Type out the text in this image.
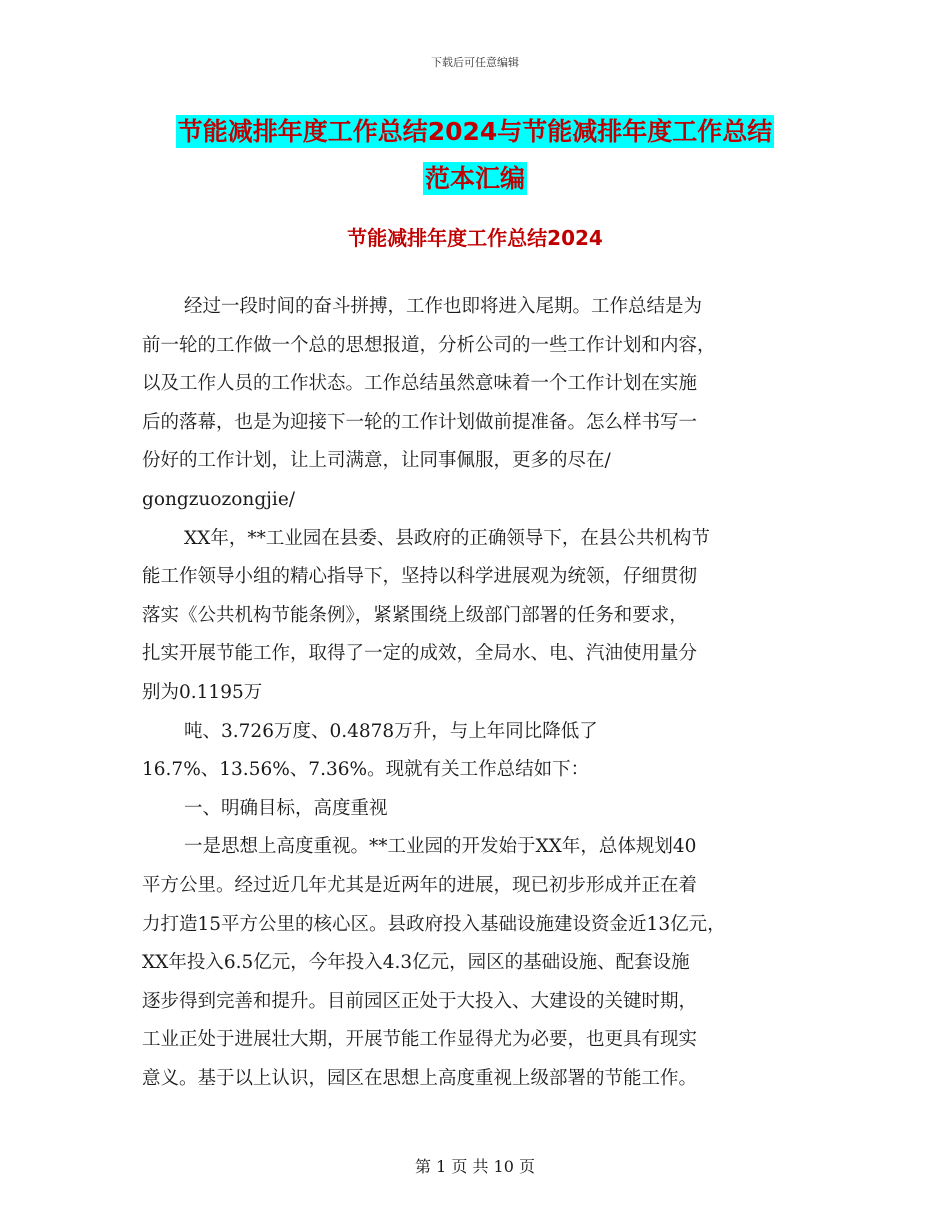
下载后可任意编辑
节能减排年度工作总结2024与节能减排年度工作总结
范本汇编
节能减排年度工作总结2024
经过一段时间的奋斗拼搏，工作也即将进入尾期。工作总结是为
前一轮的工作做一个总的思想报道，分析公司的一些工作计划和内容，
以及工作人员的工作状态。工作总结虽然意味着一个工作计划在实施
后的落幕，也是为迎接下一轮的工作计划做前提准备。怎么样书写一
份好的工作计划，让上司满意，让同事佩服，更多的尽在/
gongzuozongjie/
XX年，**工业园在县委、县政府的正确领导下，在县公共机构节
能工作领导小组的精心指导下，坚持以科学进展观为统领，仔细贯彻
落实《公共机构节能条例》，紧紧围绕上级部门部署的任务和要求，
扎实开展节能工作，取得了一定的成效，全局水、电、汽油使用量分
别为0.1195万
吨、3.726万度、0.4878万升，与上年同比降低了
16.7%、13.56%、7.36%。现就有关工作总结如下：
一、明确目标，高度重视
一是思想上高度重视。**工业园的开发始于XX年，总体规划40
平方公里。经过近几年尤其是近两年的进展，现已初步形成并正在着
力打造15平方公里的核心区。县政府投入基础设施建设资金近13亿元，
XX年投入6.5亿元，今年投入4.3亿元，园区的基础设施、配套设施
逐步得到完善和提升。目前园区正处于大投入、大建设的关键时期，
工业正处于进展壮大期，开展节能工作显得尤为必要，也更具有现实
意义。基于以上认识，园区在思想上高度重视上级部署的节能工作。
第 1 页 共 10 页
